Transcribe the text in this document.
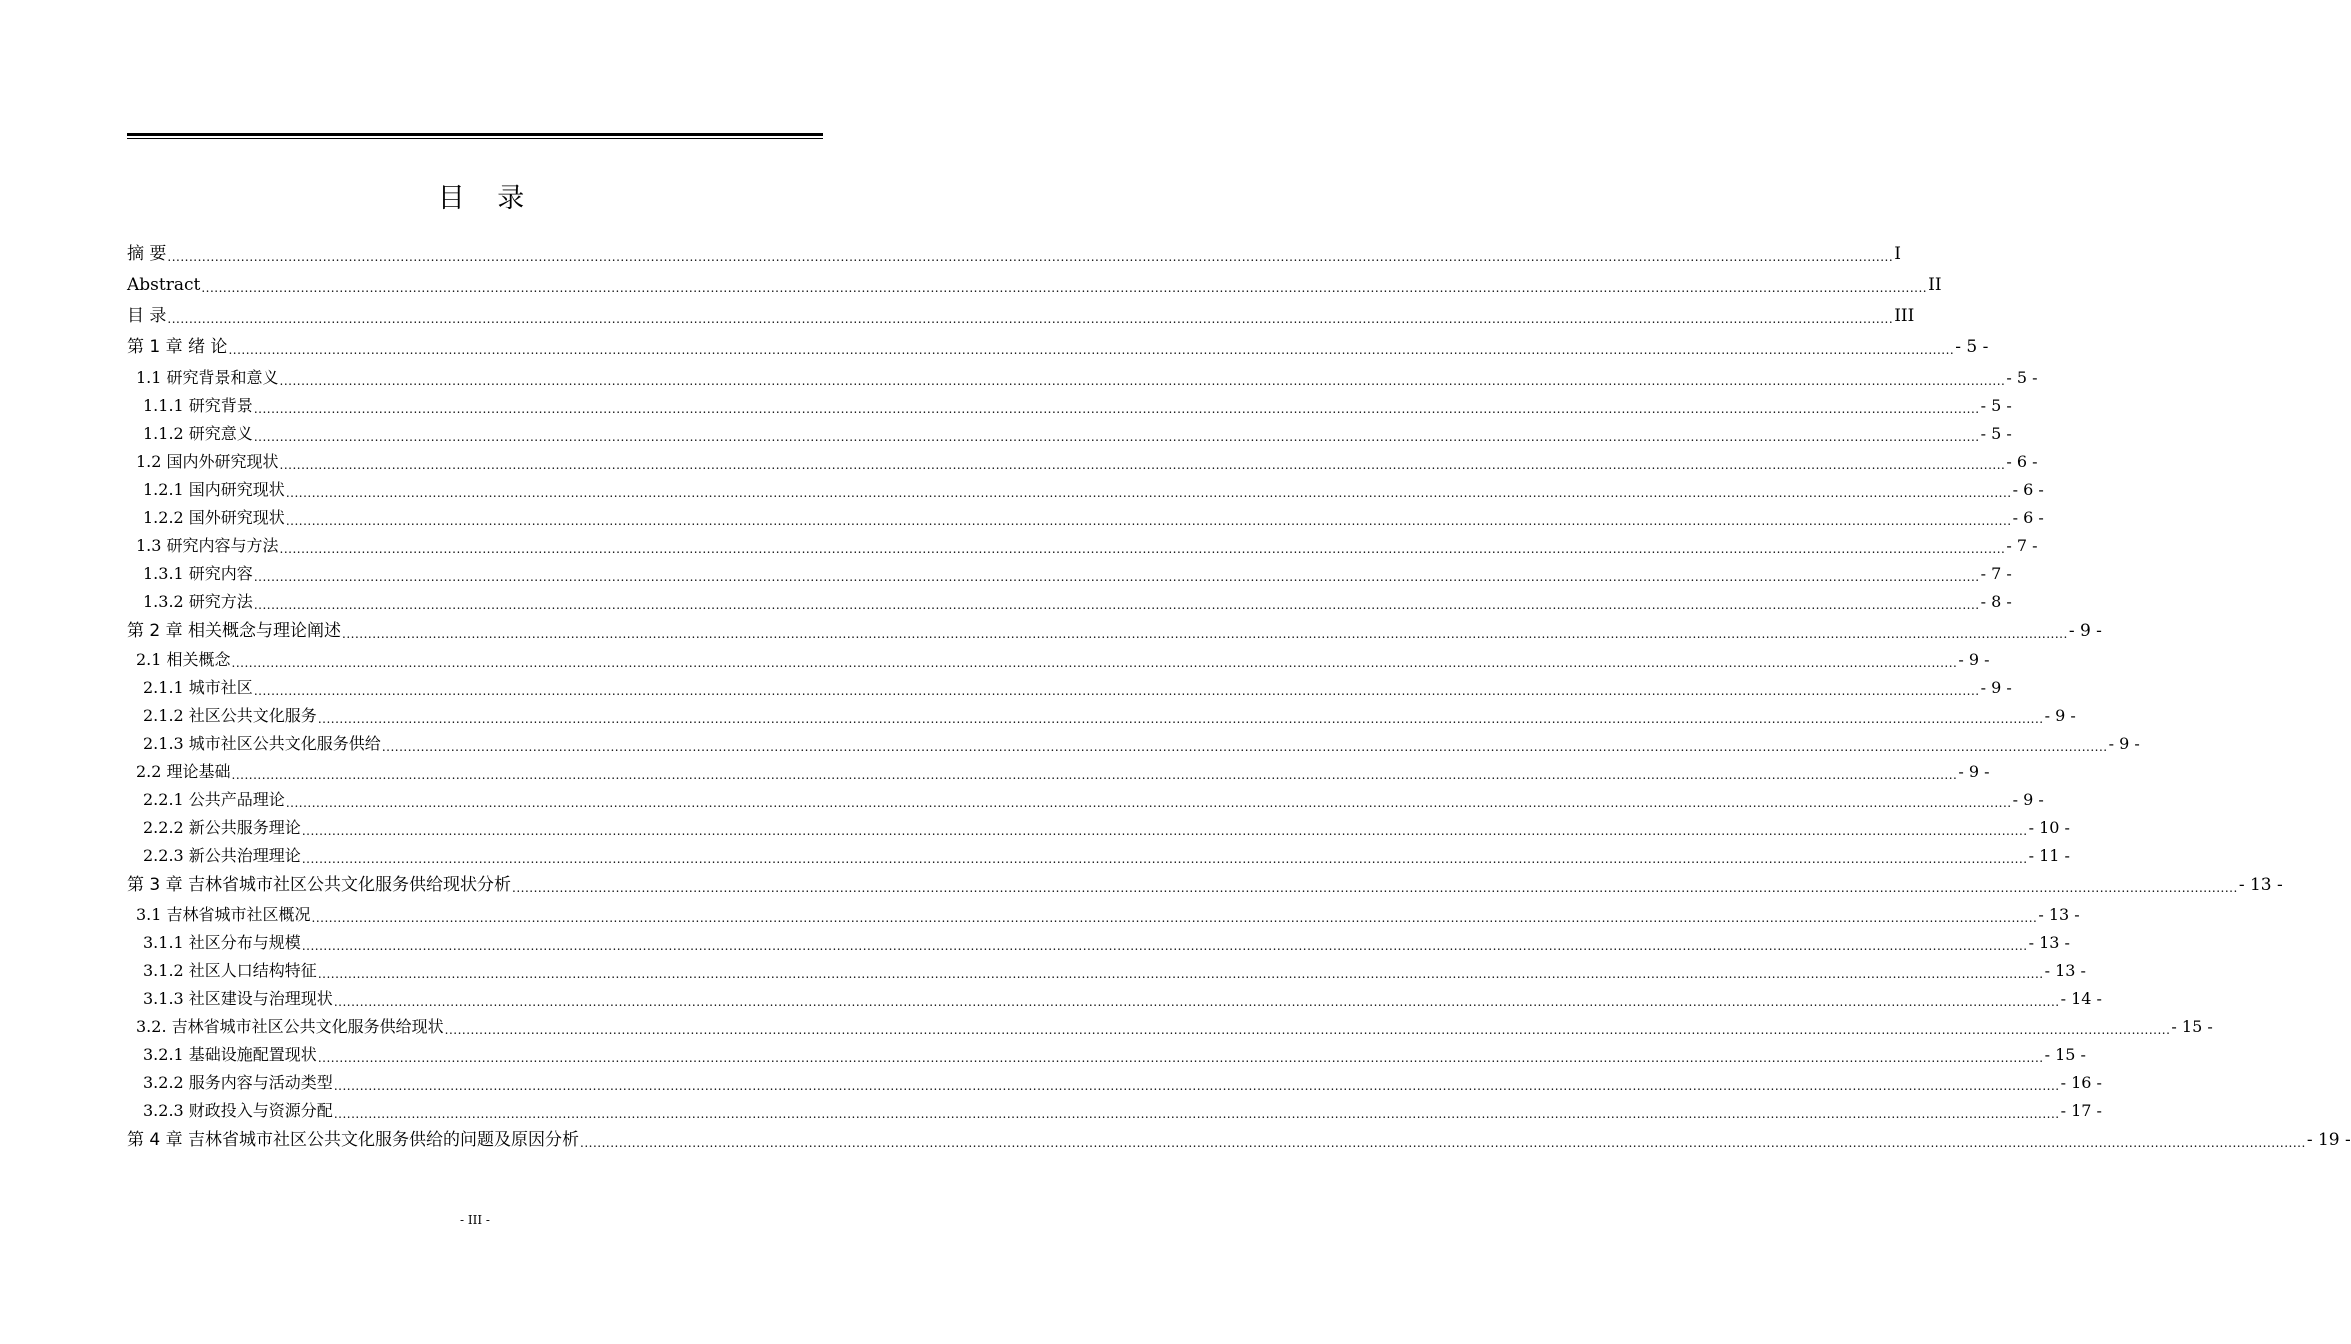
目 录
摘 要 ................................................................................................................................................................................................................................................................................................................................................................................................................ I
Abstract ................................................................................................................................................................................................................................................................................................................................................................................................................ II
目 录 ................................................................................................................................................................................................................................................................................................................................................................................................................ III
第 1 章 绪 论 ................................................................................................................................................................................................................................................................................................................................................................................................................ - 5 -
1.1 研究背景和意义 ................................................................................................................................................................................................................................................................................................................................................................................................................ - 5 -
1.1.1 研究背景 ................................................................................................................................................................................................................................................................................................................................................................................................................ - 5 -
1.1.2 研究意义 ................................................................................................................................................................................................................................................................................................................................................................................................................ - 5 -
1.2 国内外研究现状 ................................................................................................................................................................................................................................................................................................................................................................................................................ - 6 -
1.2.1 国内研究现状 ................................................................................................................................................................................................................................................................................................................................................................................................................ - 6 -
1.2.2 国外研究现状 ................................................................................................................................................................................................................................................................................................................................................................................................................ - 6 -
1.3 研究内容与方法 ................................................................................................................................................................................................................................................................................................................................................................................................................ - 7 -
1.3.1 研究内容 ................................................................................................................................................................................................................................................................................................................................................................................................................ - 7 -
1.3.2 研究方法 ................................................................................................................................................................................................................................................................................................................................................................................................................ - 8 -
第 2 章 相关概念与理论阐述 ................................................................................................................................................................................................................................................................................................................................................................................................................ - 9 -
2.1 相关概念 ................................................................................................................................................................................................................................................................................................................................................................................................................ - 9 -
2.1.1 城市社区 ................................................................................................................................................................................................................................................................................................................................................................................................................ - 9 -
2.1.2 社区公共文化服务 ................................................................................................................................................................................................................................................................................................................................................................................................................ - 9 -
2.1.3 城市社区公共文化服务供给 ................................................................................................................................................................................................................................................................................................................................................................................................................ - 9 -
2.2 理论基础 ................................................................................................................................................................................................................................................................................................................................................................................................................ - 9 -
2.2.1 公共产品理论 ................................................................................................................................................................................................................................................................................................................................................................................................................ - 9 -
2.2.2 新公共服务理论 ................................................................................................................................................................................................................................................................................................................................................................................................................ - 10 -
2.2.3 新公共治理理论 ................................................................................................................................................................................................................................................................................................................................................................................................................ - 11 -
第 3 章 吉林省城市社区公共文化服务供给现状分析 ................................................................................................................................................................................................................................................................................................................................................................................................................ - 13 -
3.1 吉林省城市社区概况 ................................................................................................................................................................................................................................................................................................................................................................................................................ - 13 -
3.1.1 社区分布与规模 ................................................................................................................................................................................................................................................................................................................................................................................................................ - 13 -
3.1.2 社区人口结构特征 ................................................................................................................................................................................................................................................................................................................................................................................................................ - 13 -
3.1.3 社区建设与治理现状 ................................................................................................................................................................................................................................................................................................................................................................................................................ - 14 -
3.2. 吉林省城市社区公共文化服务供给现状 ................................................................................................................................................................................................................................................................................................................................................................................................................ - 15 -
3.2.1 基础设施配置现状 ................................................................................................................................................................................................................................................................................................................................................................................................................ - 15 -
3.2.2 服务内容与活动类型 ................................................................................................................................................................................................................................................................................................................................................................................................................ - 16 -
3.2.3 财政投入与资源分配 ................................................................................................................................................................................................................................................................................................................................................................................................................ - 17 -
第 4 章 吉林省城市社区公共文化服务供给的问题及原因分析 ................................................................................................................................................................................................................................................................................................................................................................................................................ - 19 -
- III -
